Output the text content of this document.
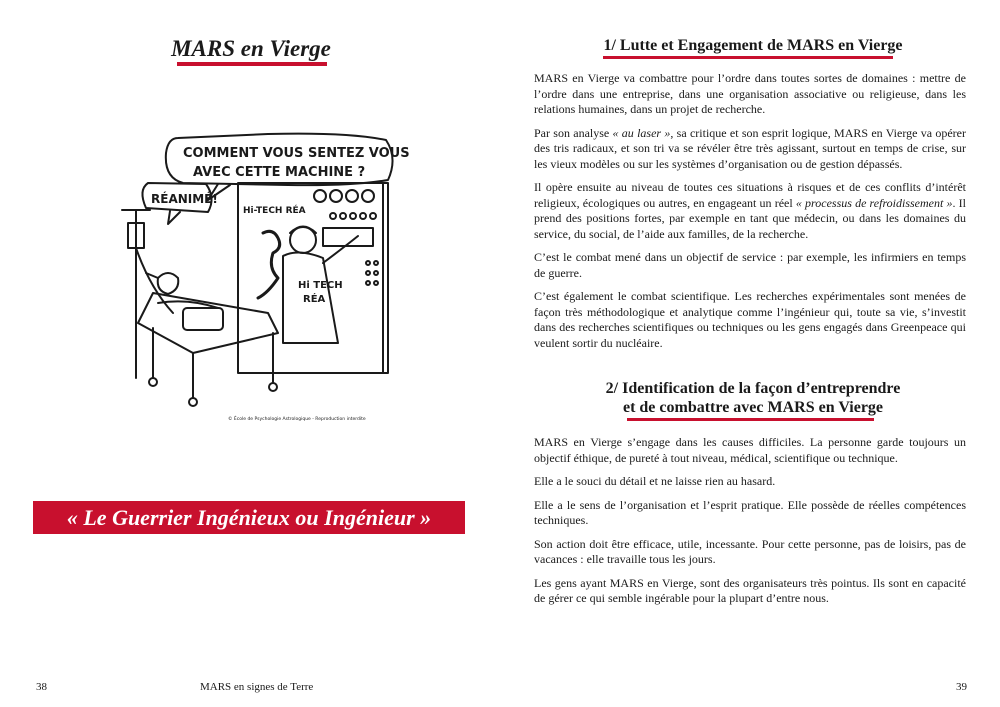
MARS en Vierge
COMMENT VOUS SENTEZ VOUS
AVEC CETTE MACHINE ?
RÉANIMÉ!
Hi-TECH RÉA
Hi TECH
RÉA
© École de Psychologie Astrologique - Reproduction interdite
« Le Guerrier Ingénieux ou Ingénieur »
38	MARS en signes de Terre
1/ Lutte et Engagement de MARS en Vierge

MARS en Vierge va combattre pour l’ordre dans toutes sortes de domaines : mettre de l’ordre dans une entreprise, dans une organisation associative ou religieuse, dans les relations humaines, dans un projet de recherche.

Par son analyse « au laser », sa critique et son esprit logique, MARS en Vierge va opérer des tris radicaux, et son tri va se révéler être très agissant, surtout en temps de crise, sur les vieux modèles ou sur les systèmes d’organisation ou de gestion dépassés.

Il opère ensuite au niveau de toutes ces situations à risques et de ces conflits d’intérêt religieux, écologiques ou autres, en engageant un réel « processus de refroidissement ». Il prend des positions fortes, par exemple en tant que médecin, ou dans les domaines du service, du social, de l’aide aux familles, de la recherche.

C’est le combat mené dans un objectif de service : par exemple, les infirmiers en temps de guerre.

C’est également le combat scientifique. Les recherches expérimentales sont menées de façon très méthodologique et analytique comme l’ingénieur qui, toute sa vie, s’investit dans des recherches scientifiques ou techniques ou les gens engagés dans Greenpeace qui veulent sortir du nucléaire.

2/ Identification de la façon d’entreprendre
et de combattre avec MARS en Vierge

MARS en Vierge s’engage dans les causes difficiles. La personne garde toujours un objectif éthique, de pureté à tout niveau, médical, scientifique ou technique.

Elle a le souci du détail et ne laisse rien au hasard.

Elle a le sens de l’organisation et l’esprit pratique. Elle possède de réelles compétences techniques.

Son action doit être efficace, utile, incessante. Pour cette personne, pas de loisirs, pas de vacances : elle travaille tous les jours.

Les gens ayant MARS en Vierge, sont des organisateurs très pointus. Ils sont en capacité de gérer ce qui semble ingérable pour la plupart d’entre nous.

39
